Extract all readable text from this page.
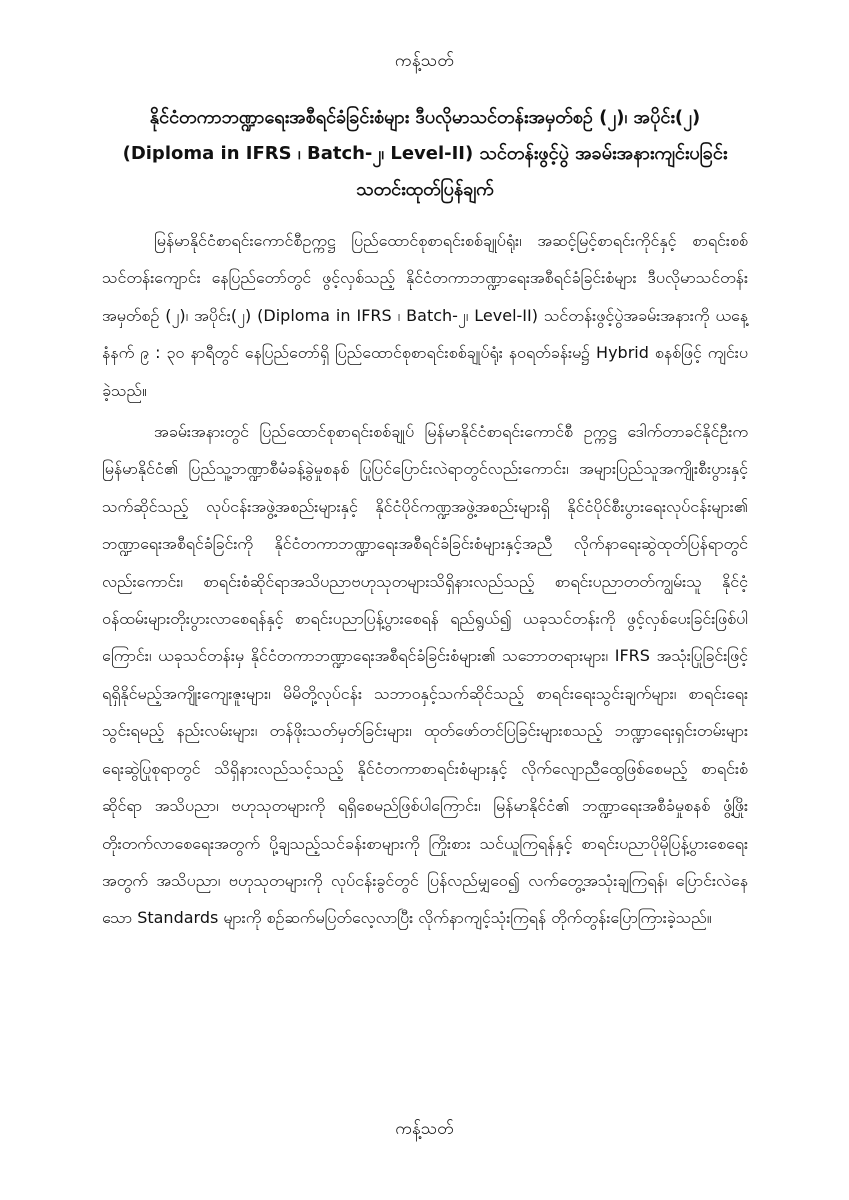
ကန့်သတ်
နိုင်ငံတကာဘဏ္ဍာရေးအစီရင်ခံခြင်းစံများ ဒီပလိုမာသင်တန်းအမှတ်စဉ် (၂)၊ အပိုင်း(၂)
(Diploma in IFRS ၊ Batch-၂၊ Level-II) သင်တန်းဖွင့်ပွဲ အခမ်းအနားကျင်းပခြင်း
သတင်းထုတ်ပြန်ချက်

မြန်မာနိုင်ငံစာရင်းကောင်စီဥက္ကဋ္ဌ ပြည်ထောင်စုစာရင်းစစ်ချုပ်ရုံး၊ အဆင့်မြင့်စာရင်းကိုင်နှင့် စာရင်းစစ်သင်တန်းကျောင်း နေပြည်တော်တွင် ဖွင့်လှစ်သည့် နိုင်ငံတကာဘဏ္ဍာရေးအစီရင်ခံခြင်းစံများ ဒီပလိုမာသင်တန်းအမှတ်စဉ် (၂)၊ အပိုင်း(၂) (Diploma in IFRS ၊ Batch-၂၊ Level-II) သင်တန်းဖွင့်ပွဲအခမ်းအနားကို ယနေ့ နံနက် ၉ : ၃၀ နာရီတွင် နေပြည်တော်ရှိ ပြည်ထောင်စုစာရင်းစစ်ချုပ်ရုံး နဝရတ်ခန်းမ၌ Hybrid စနစ်ဖြင့် ကျင်းပခဲ့သည်။

အခမ်းအနားတွင် ပြည်ထောင်စုစာရင်းစစ်ချုပ် မြန်မာနိုင်ငံစာရင်းကောင်စီ ဥက္ကဋ္ဌ ဒေါက်တာခင်နိုင်ဦးက မြန်မာနိုင်ငံ၏ ပြည်သူ့ဘဏ္ဍာစီမံခန့်ခွဲမှုစနစ် ပြုပြင်ပြောင်းလဲရာတွင်လည်းကောင်း၊ အများပြည်သူအကျိုးစီးပွားနှင့် သက်ဆိုင်သည့် လုပ်ငန်းအဖွဲ့အစည်းများနှင့် နိုင်ငံပိုင်ကဏ္ဍအဖွဲ့အစည်းများရှိ နိုင်ငံပိုင်စီးပွားရေးလုပ်ငန်းများ၏ ဘဏ္ဍာရေးအစီရင်ခံခြင်းကို နိုင်ငံတကာဘဏ္ဍာရေးအစီရင်ခံခြင်းစံများနှင့်အညီ လိုက်နာရေးဆွဲထုတ်ပြန်ရာတွင်လည်းကောင်း၊ စာရင်းစံဆိုင်ရာအသိပညာဗဟုသုတများသိရှိနားလည်သည့် စာရင်းပညာတတ်ကျွမ်းသူ နိုင်ငံ့ဝန်ထမ်းများတိုးပွားလာစေရန်နှင့် စာရင်းပညာပြန့်ပွားစေရန် ရည်ရွယ်၍ ယခုသင်တန်းကို ဖွင့်လှစ်ပေးခြင်းဖြစ်ပါကြောင်း၊ ယခုသင်တန်းမှ နိုင်ငံတကာဘဏ္ဍာရေးအစီရင်ခံခြင်းစံများ၏ သဘောတရားများ၊ IFRS အသုံးပြုခြင်းဖြင့် ရရှိနိုင်မည့်အကျိုးကျေးဇူးများ၊ မိမိတို့လုပ်ငန်း သဘာဝနှင့်သက်ဆိုင်သည့် စာရင်းရေးသွင်းချက်များ၊ စာရင်းရေးသွင်းရမည့် နည်းလမ်းများ၊ တန်ဖိုးသတ်မှတ်ခြင်းများ၊ ထုတ်ဖော်တင်ပြခြင်းများစသည့် ဘဏ္ဍာရေးရှင်းတမ်းများ ရေးဆွဲပြုစုရာတွင် သိရှိနားလည်သင့်သည့် နိုင်ငံတကာစာရင်းစံများနှင့် လိုက်လျောညီထွေဖြစ်စေမည့် စာရင်းစံဆိုင်ရာ အသိပညာ၊ ဗဟုသုတများကို ရရှိစေမည်ဖြစ်ပါကြောင်း၊ မြန်မာနိုင်ငံ၏ ဘဏ္ဍာရေးအစီခံမှုစနစ် ဖွံ့ဖြိုးတိုးတက်လာစေရေးအတွက် ပို့ချသည့်သင်ခန်းစာများကို ကြိုးစား သင်ယူကြရန်နှင့် စာရင်းပညာပိုမိုပြန့်ပွားစေရေးအတွက် အသိပညာ၊ ဗဟုသုတများကို လုပ်ငန်းခွင်တွင် ပြန်လည်မျှဝေ၍ လက်တွေ့အသုံးချကြရန်၊ ပြောင်းလဲနေသော Standards များကို စဉ်ဆက်မပြတ်လေ့လာပြီး လိုက်နာကျင့်သုံးကြရန် တိုက်တွန်းပြောကြားခဲ့သည်။

ကန့်သတ်
